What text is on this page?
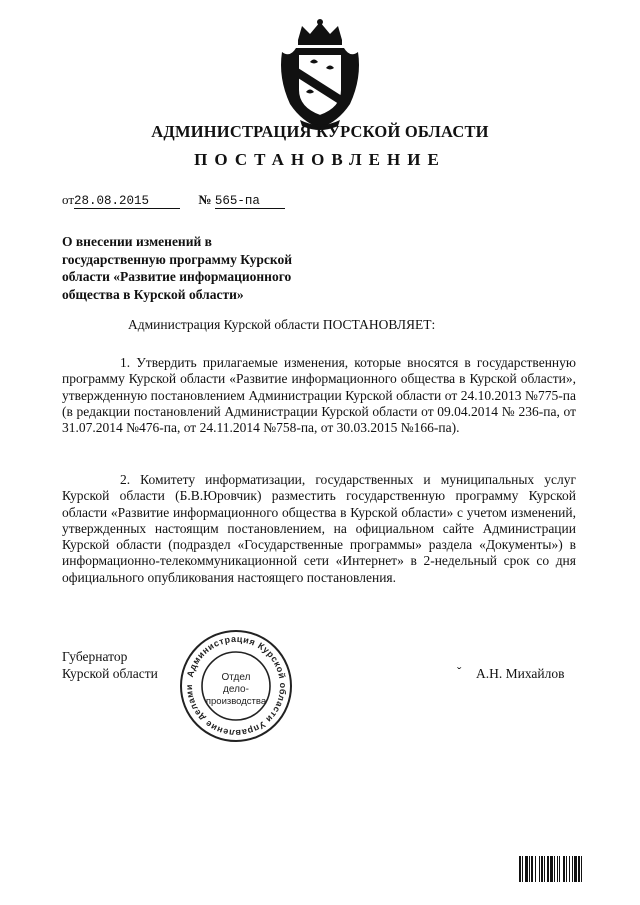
АДМИНИСТРАЦИЯ КУРСКОЙ ОБЛАСТИ
ПОСТАНОВЛЕНИЕ
от28.08.2015	№ 565-па
О внесении изменений в
государственную программу Курской
области «Развитие информационного
общества в Курской области»
Администрация Курской области ПОСТАНОВЛЯЕТ:
1. Утвердить прилагаемые изменения, которые вносятся в государственную программу Курской области «Развитие информационного общества в Курской области», утвержденную постановлением Администрации Курской области от 24.10.2013 №775-па (в редакции постановлений Администрации Курской области от 09.04.2014 № 236-па, от 31.07.2014 №476-па, от 24.11.2014 №758-па, от 30.03.2015 №166-па).
2. Комитету информатизации, государственных и муниципальных услуг Курской области (Б.В.Юровчик) разместить государственную программу Курской области «Развитие информационного общества в Курской области» с учетом изменений, утвержденных настоящим постановлением, на официальном сайте Администрации Курской области (подраздел «Государственные программы» раздела «Документы») в информационно-телекоммуникационной сети «Интернет» в 2-недельный срок со дня официального опубликования настоящего постановления.
Губернатор
Курской области	ˇ А.Н. Михайлов
Администрация Курской области Управление делами
Отдел
дело-
производства
